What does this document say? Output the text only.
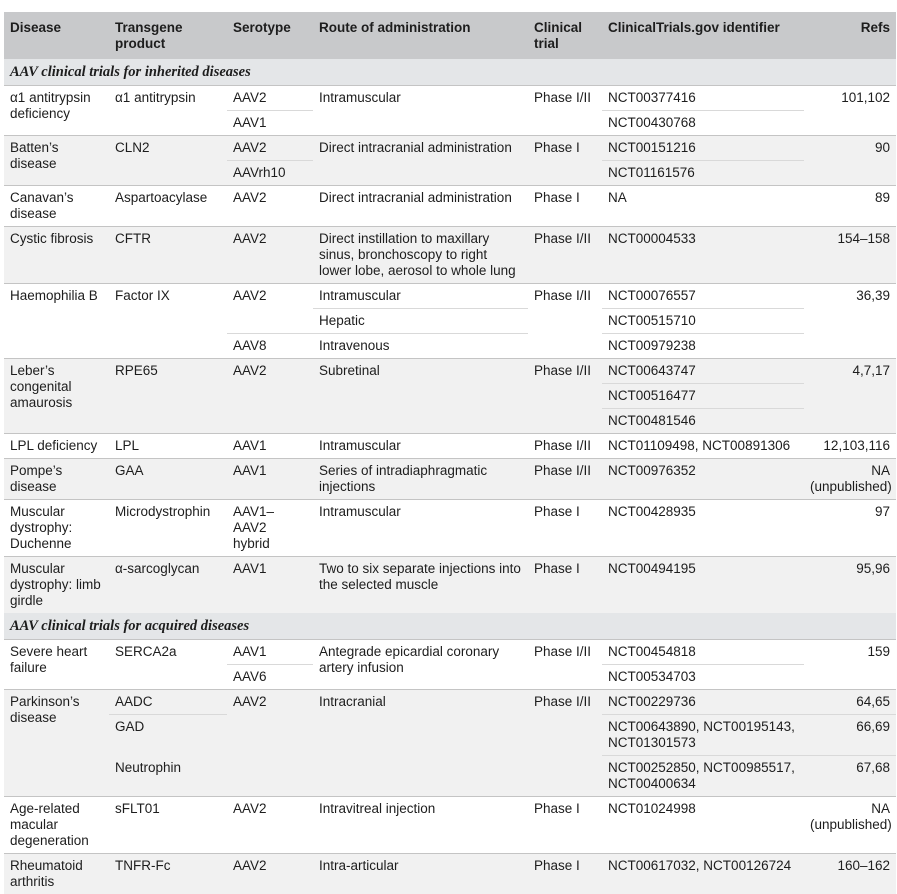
Disease	Transgene product	Serotype	Route of administration	Clinical trial	ClinicalTrials.gov identifier	Refs
AAV clinical trials for inherited diseases						
α1 antitrypsin deficiency	α1 antitrypsin	AAV2	Intramuscular	Phase I/II	NCT00377416	101,102
		AAV1			NCT00430768	
Batten’s disease	CLN2	AAV2	Direct intracranial administration	Phase I	NCT00151216	90
		AAVrh10			NCT01161576	
Canavan’s disease	Aspartoacylase	AAV2	Direct intracranial administration	Phase I	NA	89
Cystic fibrosis	CFTR	AAV2	Direct instillation to maxillary sinus, bronchoscopy to right lower lobe, aerosol to whole lung	Phase I/II	NCT00004533	154–158
Haemophilia B	Factor IX	AAV2	Intramuscular	Phase I/II	NCT00076557	36,39
			Hepatic		NCT00515710	
		AAV8	Intravenous		NCT00979238	
Leber’s congenital amaurosis	RPE65	AAV2	Subretinal	Phase I/II	NCT00643747	4,7,17
					NCT00516477	
					NCT00481546	
LPL deficiency	LPL	AAV1	Intramuscular	Phase I/II	NCT01109498, NCT00891306	12,103,116
Pompe’s disease	GAA	AAV1	Series of intradiaphragmatic injections	Phase I/II	NCT00976352	NA (unpublished)
Muscular dystrophy: Duchenne	Microdystrophin	AAV1–AAV2 hybrid	Intramuscular	Phase I	NCT00428935	97
Muscular dystrophy: limb girdle	α-sarcoglycan	AAV1	Two to six separate injections into the selected muscle	Phase I	NCT00494195	95,96
AAV clinical trials for acquired diseases						
Severe heart failure	SERCA2a	AAV1	Antegrade epicardial coronary artery infusion	Phase I/II	NCT00454818	159
		AAV6			NCT00534703	
Parkinson’s disease	AADC	AAV2	Intracranial	Phase I/II	NCT00229736	64,65
	GAD				NCT00643890, NCT00195143, NCT01301573	66,69
	Neutrophin				NCT00252850, NCT00985517, NCT00400634	67,68
Age-related macular degeneration	sFLT01	AAV2	Intravitreal injection	Phase I	NCT01024998	NA (unpublished)
Rheumatoid arthritis	TNFR-Fc	AAV2	Intra-articular	Phase I	NCT00617032, NCT00126724	160–162
